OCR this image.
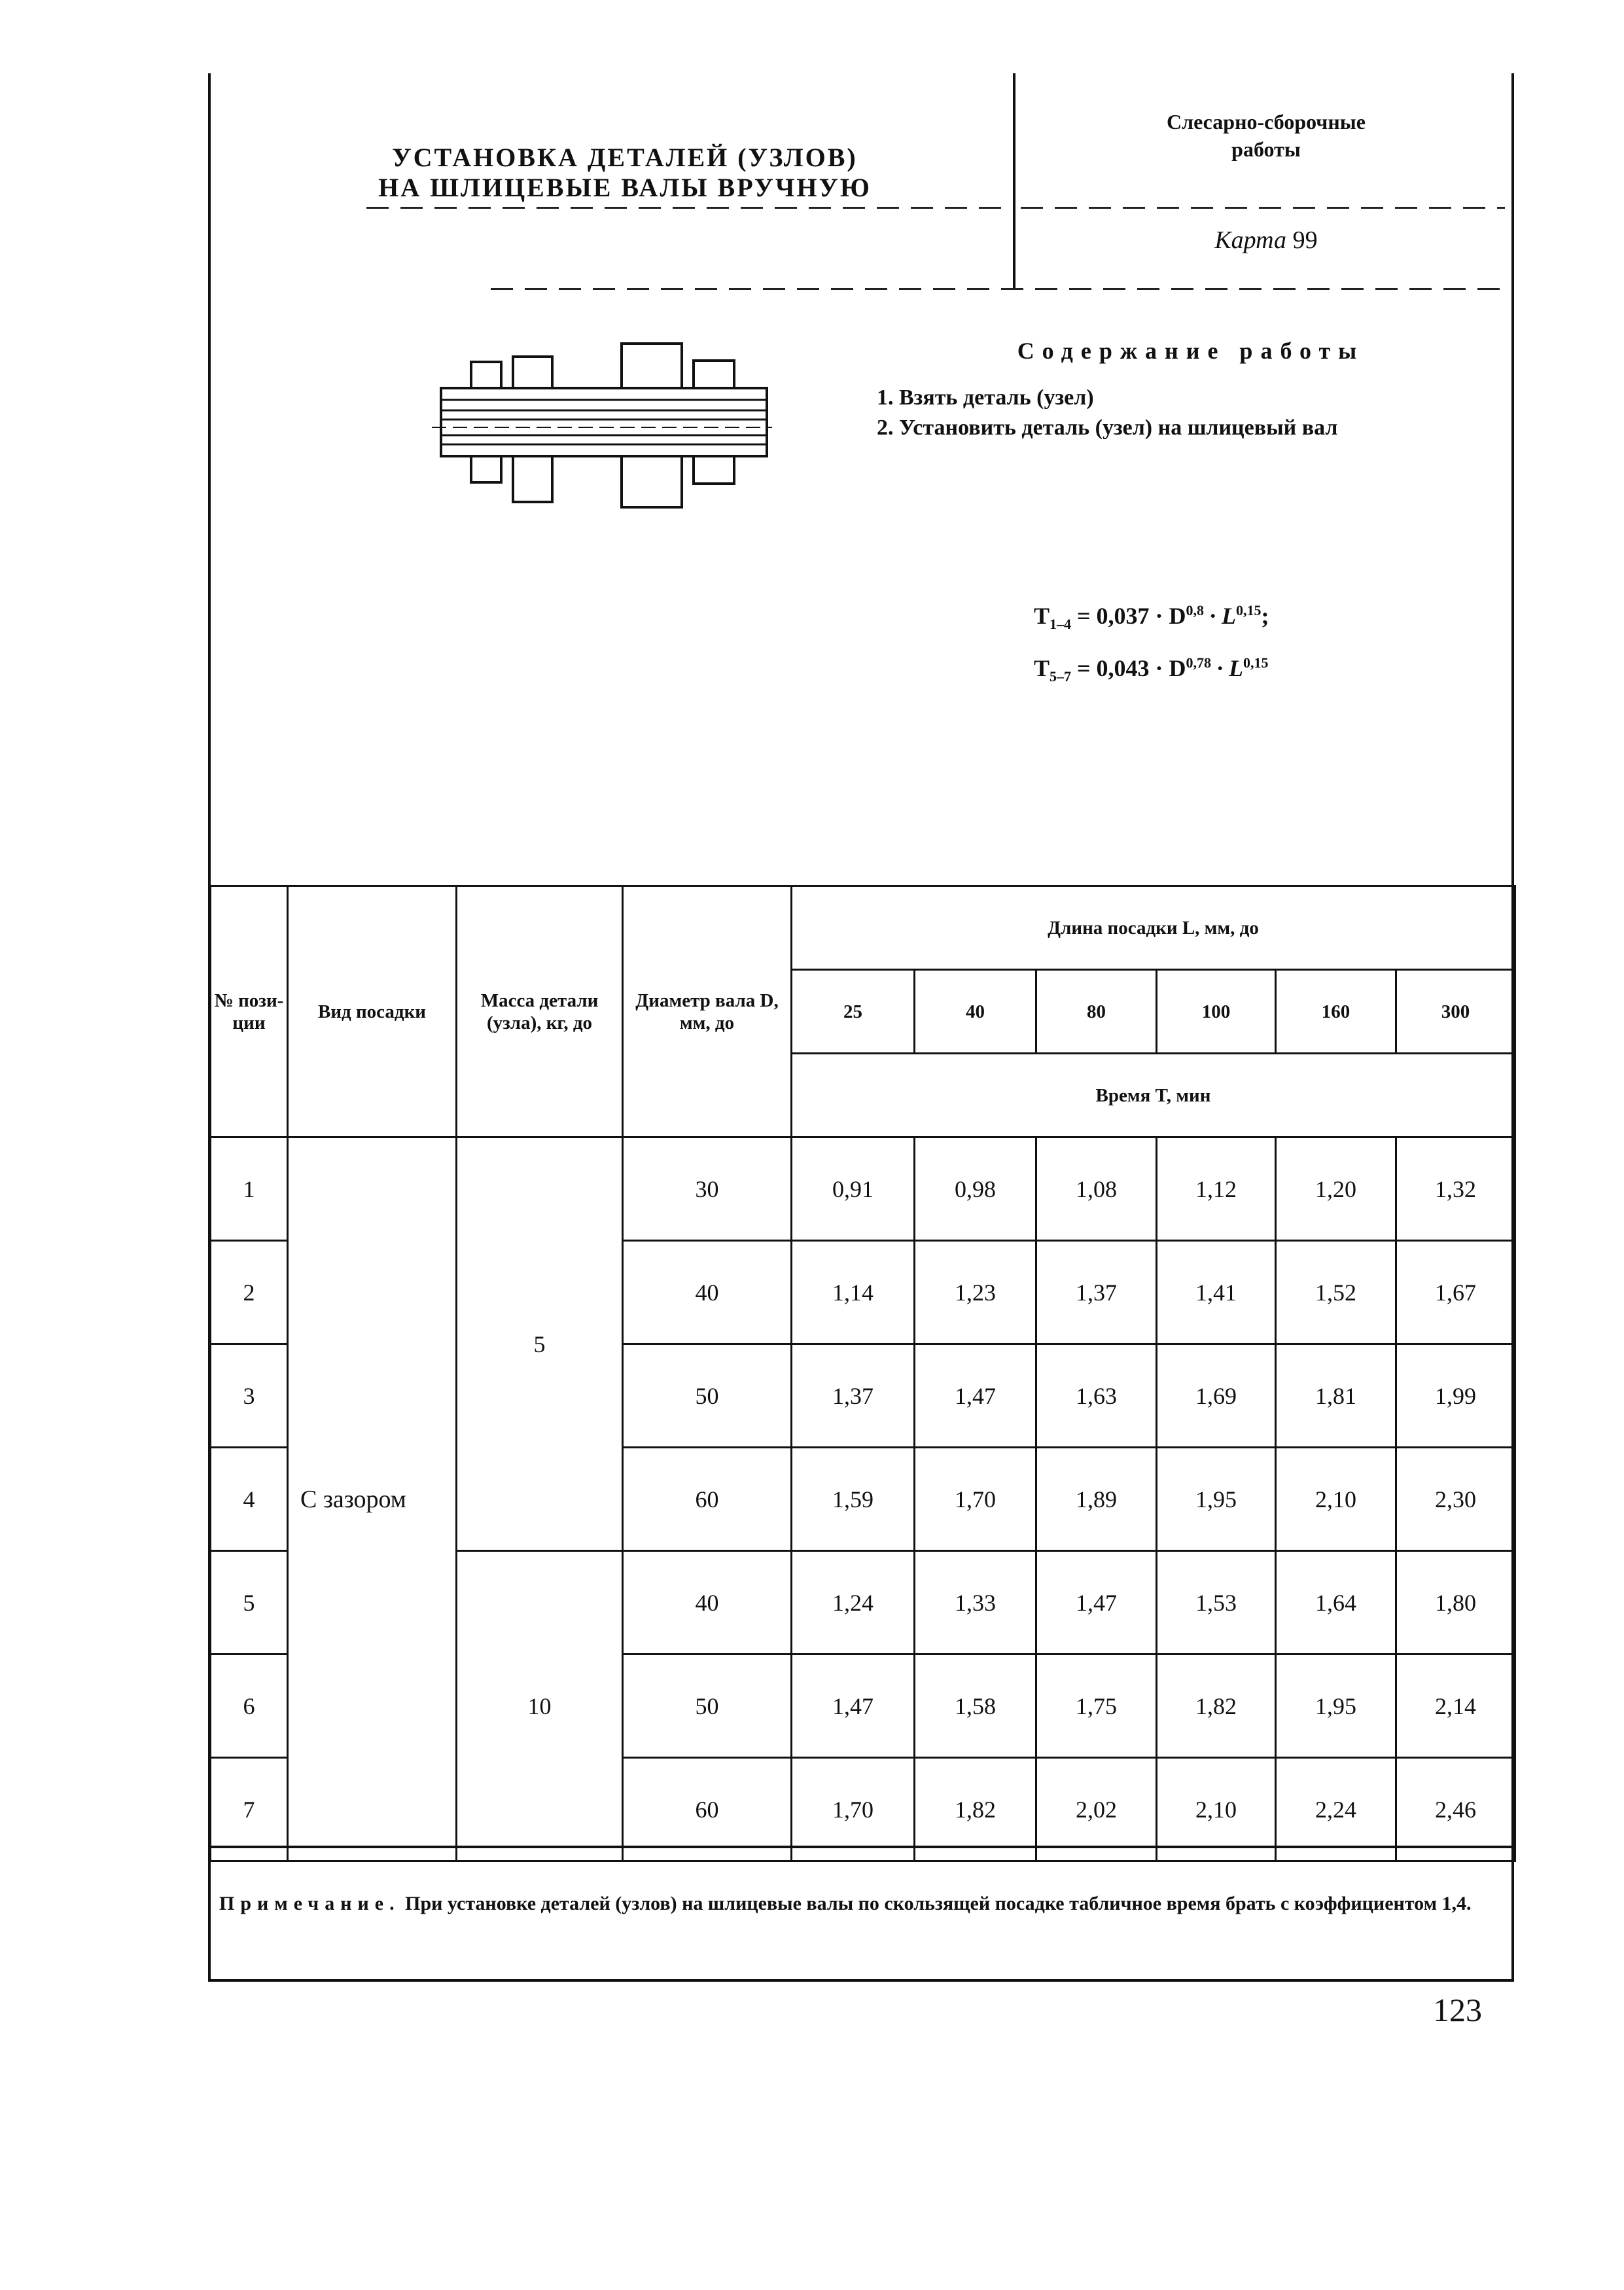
УСТАНОВКА ДЕТАЛЕЙ (УЗЛОВ)
НА ШЛИЦЕВЫЕ ВАЛЫ ВРУЧНУЮ
Слесарно-сборочные
работы
Карта 99
Содержание работы
1. Взять деталь (узел)
2. Установить деталь (узел) на шлицевый вал
$T_{1-4} = 0,037 \cdot D^{0,8} \cdot L^{0,15}$;
$T_{5-7} = 0,043 \cdot D^{0,78} \cdot L^{0,15}$
№ пози-ции	Вид посадки	Масса детали (узла), кг, до	Диаметр вала D, мм, до	Длина посадки L, мм, до					
				25	40	80	100	160	300
				Время T, мин					
1	С зазором	5	30	0,91	0,98	1,08	1,12	1,20	1,32
2			40	1,14	1,23	1,37	1,41	1,52	1,67
3			50	1,37	1,47	1,63	1,69	1,81	1,99
4			60	1,59	1,70	1,89	1,95	2,10	2,30
5		10	40	1,24	1,33	1,47	1,53	1,64	1,80
6			50	1,47	1,58	1,75	1,82	1,95	2,14
7			60	1,70	1,82	2,02	2,10	2,24	2,46

Примечание. При установке деталей (узлов) на шлицевые валы по скользящей посадке табличное время брать с коэффициентом 1,4.
123
